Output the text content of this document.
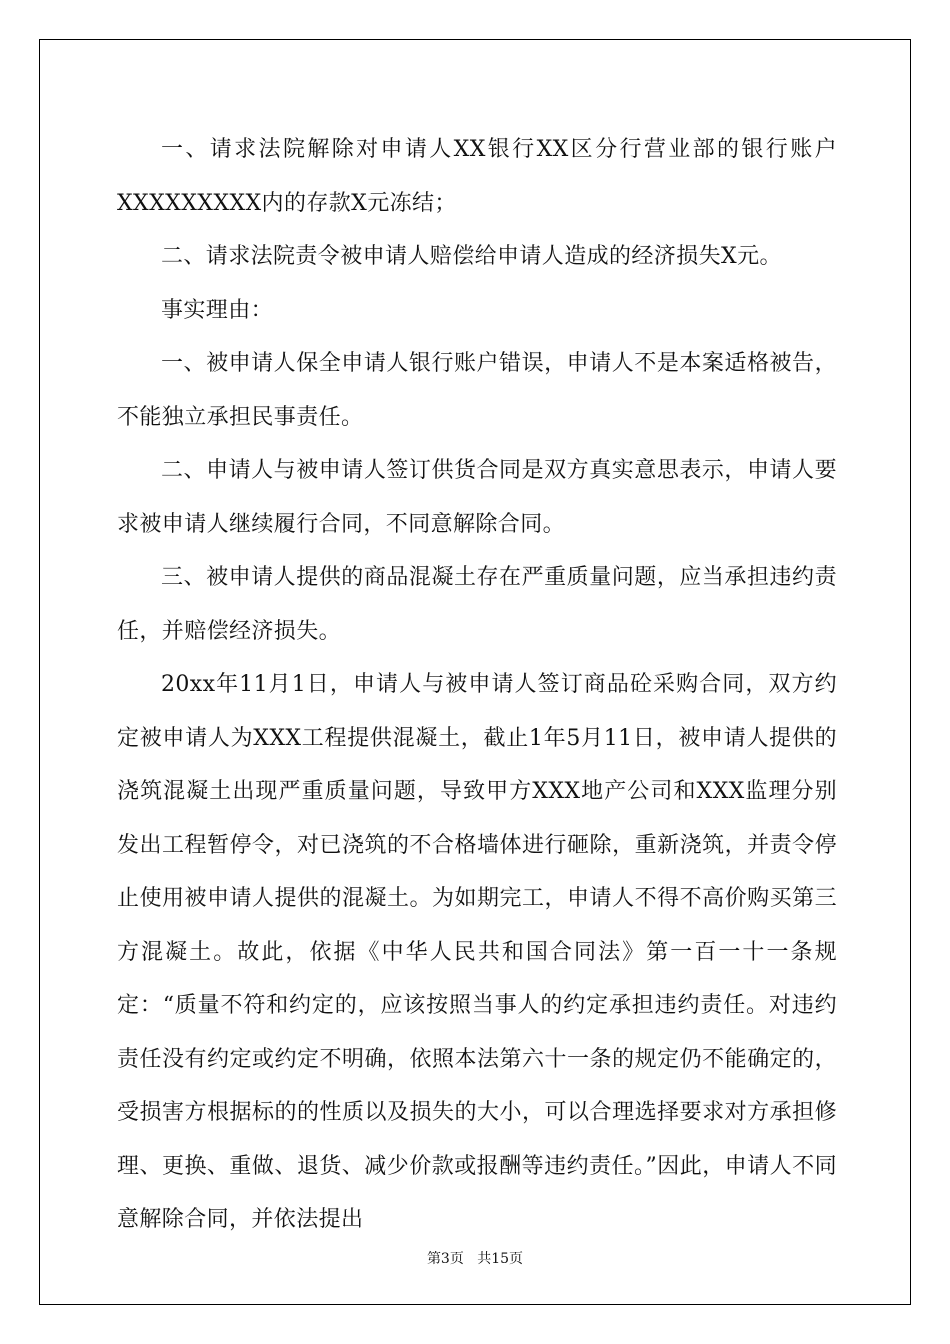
一、请求法院解除对申请人XX银行XX区分行营业部的银行账户XXXXXXXXX内的存款X元冻结；

二、请求法院责令被申请人赔偿给申请人造成的经济损失X元。

事实理由：

一、被申请人保全申请人银行账户错误，申请人不是本案适格被告，不能独立承担民事责任。

二、申请人与被申请人签订供货合同是双方真实意思表示，申请人要求被申请人继续履行合同，不同意解除合同。

三、被申请人提供的商品混凝土存在严重质量问题，应当承担违约责任，并赔偿经济损失。

20xx年11月1日，申请人与被申请人签订商品砼采购合同，双方约定被申请人为XXX工程提供混凝土，截止1年5月11日，被申请人提供的浇筑混凝土出现严重质量问题，导致甲方XXX地产公司和XXX监理分别发出工程暂停令，对已浇筑的不合格墙体进行砸除，重新浇筑，并责令停止使用被申请人提供的混凝土。为如期完工，申请人不得不高价购买第三方混凝土。故此，依据《中华人民共和国合同法》第一百一十一条规定：“质量不符和约定的，应该按照当事人的约定承担违约责任。对违约责任没有约定或约定不明确，依照本法第六十一条的规定仍不能确定的，受损害方根据标的的性质以及损失的大小，可以合理选择要求对方承担修理、更换、重做、退货、减少价款或报酬等违约责任。”因此，申请人不同意解除合同，并依法提出

第3页 共15页
